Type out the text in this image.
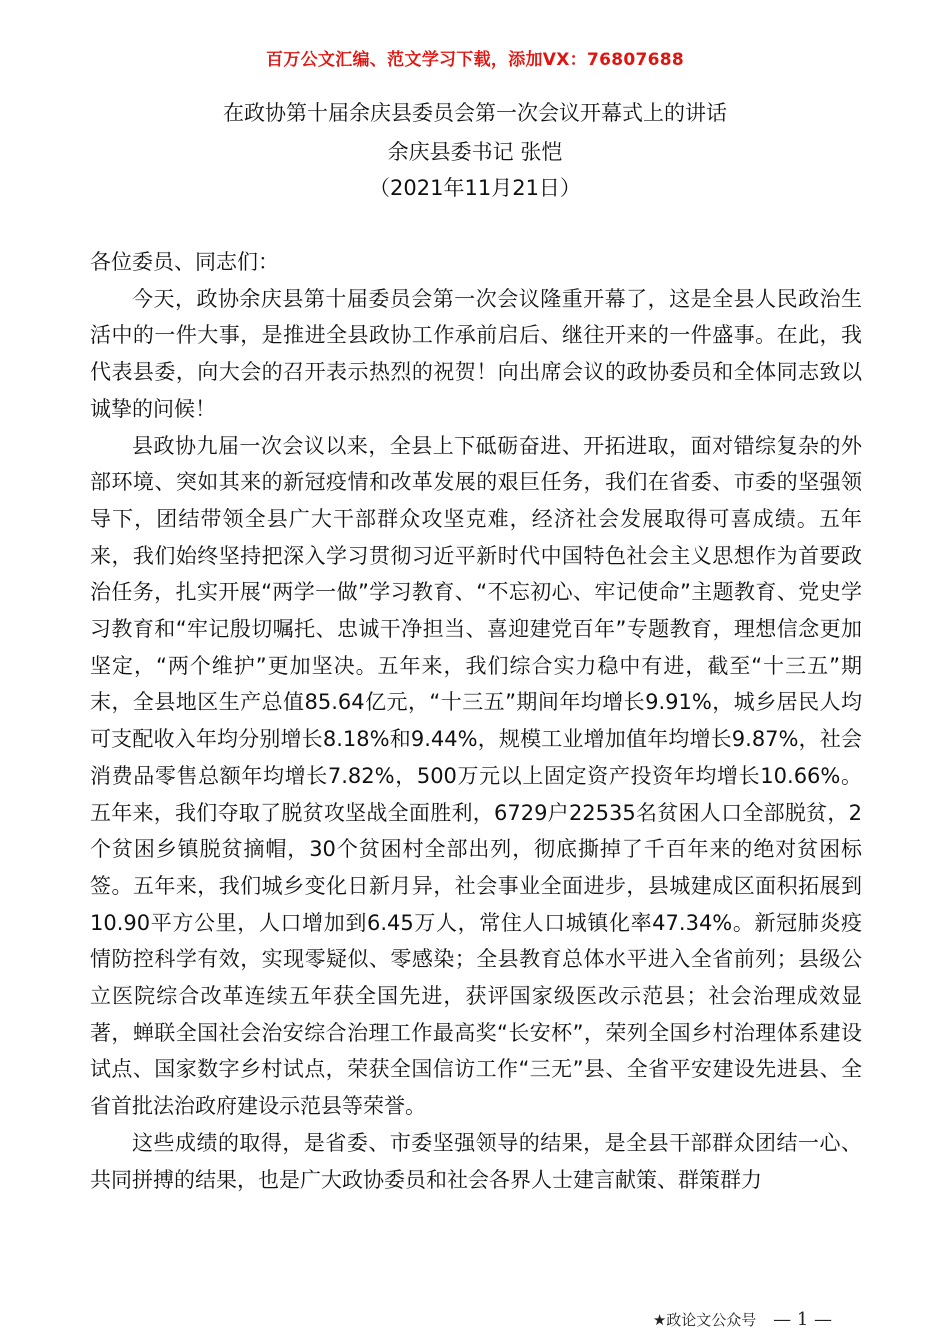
百万公文汇编、范文学习下载，添加VX：76807688
在政协第十届余庆县委员会第一次会议开幕式上的讲话
余庆县委书记 张恺
（2021年11月21日）

各位委员、同志们：

今天，政协余庆县第十届委员会第一次会议隆重开幕了，这是全县人民政治生活中的一件大事，是推进全县政协工作承前启后、继往开来的一件盛事。在此，我代表县委，向大会的召开表示热烈的祝贺！向出席会议的政协委员和全体同志致以诚挚的问候！

县政协九届一次会议以来，全县上下砥砺奋进、开拓进取，面对错综复杂的外部环境、突如其来的新冠疫情和改革发展的艰巨任务，我们在省委、市委的坚强领导下，团结带领全县广大干部群众攻坚克难，经济社会发展取得可喜成绩。五年来，我们始终坚持把深入学习贯彻习近平新时代中国特色社会主义思想作为首要政治任务，扎实开展“两学一做”学习教育、“不忘初心、牢记使命”主题教育、党史学习教育和“牢记殷切嘱托、忠诚干净担当、喜迎建党百年”专题教育，理想信念更加坚定，“两个维护”更加坚决。五年来，我们综合实力稳中有进，截至“十三五”期末，全县地区生产总值85.64亿元，“十三五”期间年均增长9.91%，城乡居民人均可支配收入年均分别增长8.18%和9.44%，规模工业增加值年均增长9.87%，社会消费品零售总额年均增长7.82%，500万元以上固定资产投资年均增长10.66%。五年来，我们夺取了脱贫攻坚战全面胜利，6729户22535名贫困人口全部脱贫，2个贫困乡镇脱贫摘帽，30个贫困村全部出列，彻底撕掉了千百年来的绝对贫困标签。五年来，我们城乡变化日新月异，社会事业全面进步，县城建成区面积拓展到10.90平方公里，人口增加到6.45万人，常住人口城镇化率47.34%。新冠肺炎疫情防控科学有效，实现零疑似、零感染；全县教育总体水平进入全省前列；县级公立医院综合改革连续五年获全国先进，获评国家级医改示范县；社会治理成效显著，蝉联全国社会治安综合治理工作最高奖“长安杯”，荣列全国乡村治理体系建设试点、国家数字乡村试点，荣获全国信访工作“三无”县、全省平安建设先进县、全省首批法治政府建设示范县等荣誉。

这些成绩的取得，是省委、市委坚强领导的结果，是全县干部群众团结一心、共同拼搏的结果，也是广大政协委员和社会各界人士建言献策、群策群力

★政论文公众号 — 1 —
